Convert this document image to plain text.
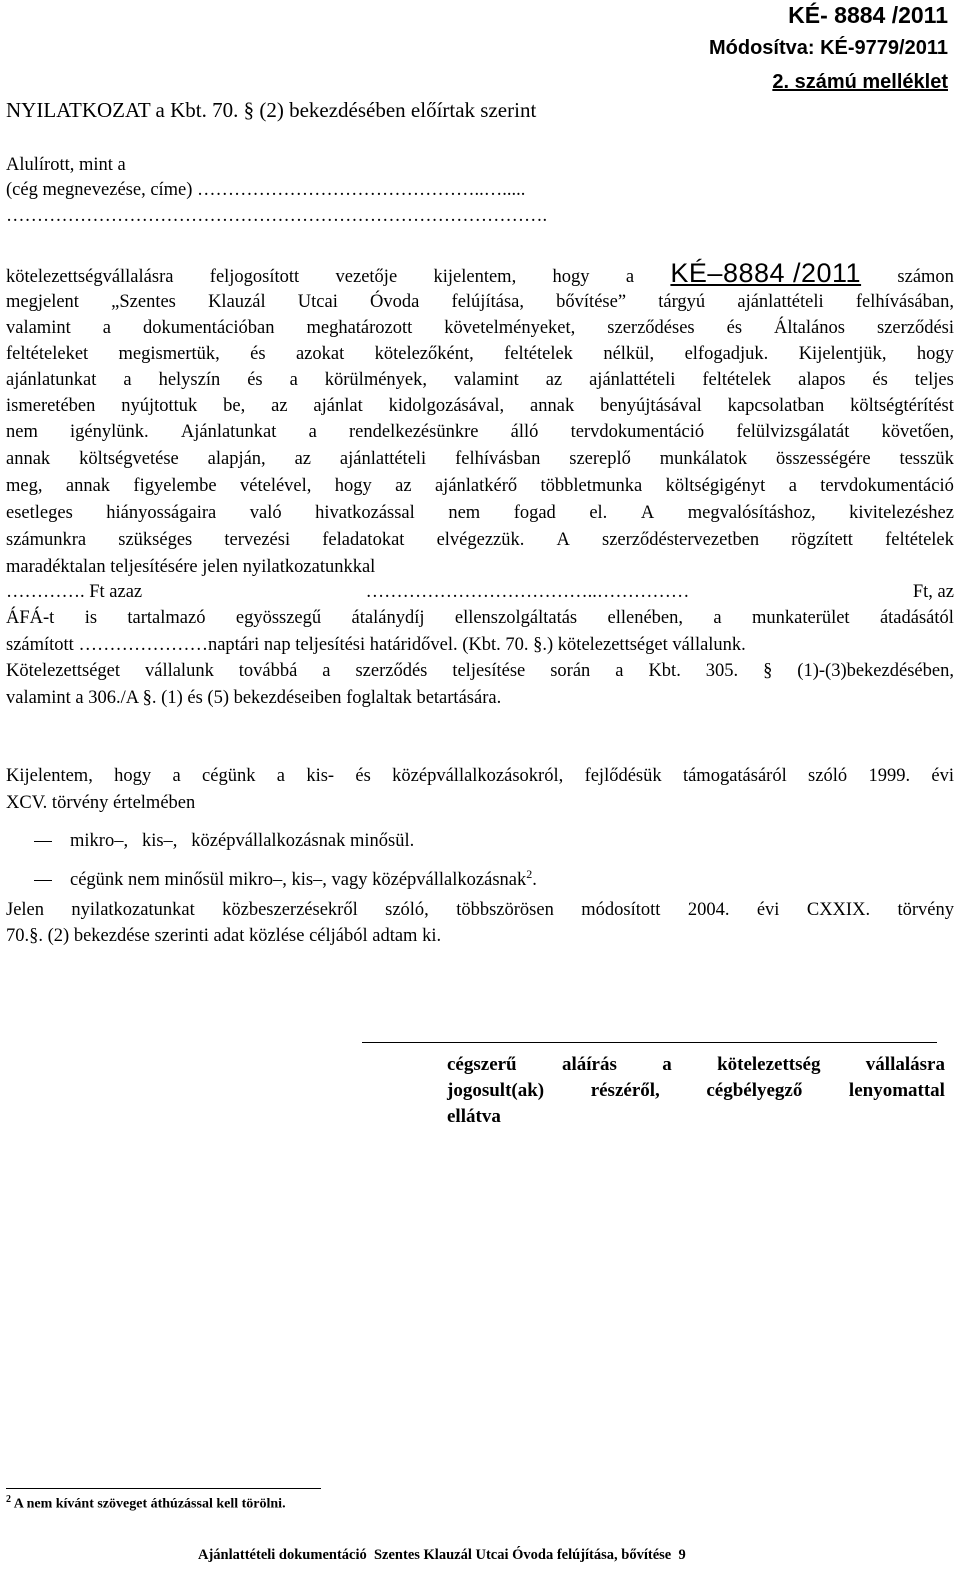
KÉ- 8884 /2011
Módosítva: KÉ-9779/2011
2. számú melléklet
NYILATKOZAT a Kbt. 70. § (2) bekezdésében előírtak szerint
Alulírott, mint a
(cég megnevezése, címe) ………………………………………..….....
…………………………………………………………………………….
kötelezettségvállalásra feljogosított vezetője kijelentem, hogy a KÉ–8884 /2011 számon
megjelent „Szentes Klauzál Utcai Óvoda felújítása, bővítése” tárgyú ajánlattételi felhívásában,
valamint a dokumentációban meghatározott követelményeket, szerződéses és Általános szerződési
feltételeket megismertük, és azokat kötelezőként, feltételek nélkül, elfogadjuk. Kijelentjük, hogy
ajánlatunkat a helyszín és a körülmények, valamint az ajánlattételi feltételek alapos és teljes
ismeretében nyújtottuk be, az ajánlat kidolgozásával, annak benyújtásával kapcsolatban költségtérítést
nem igénylünk. Ajánlatunkat a rendelkezésünkre álló tervdokumentáció felülvizsgálatát követően,
annak költségvetése alapján, az ajánlattételi felhívásban szereplő munkálatok összességére tesszük
meg, annak figyelembe vételével, hogy az ajánlatkérő többletmunka költségigényt a tervdokumentáció
esetleges hiányosságaira való hivatkozással nem fogad el. A megvalósításhoz, kivitelezéshez
számunkra szükséges tervezési feladatokat elvégezzük. A szerződéstervezetben rögzített feltételek
maradéktalan teljesítésére jelen nyilatkozatunkkal
…………. Ft azaz	………………………………..……………	Ft, az
ÁFÁ-t is tartalmazó egyösszegű átalánydíj ellenszolgáltatás ellenében, a munkaterület átadásától
számított …………………naptári nap teljesítési határidővel. (Kbt. 70. §.) kötelezettséget vállalunk.
Kötelezettséget vállalunk továbbá a szerződés teljesítése során a Kbt. 305. § (1)-(3)bekezdésében,
valamint a 306./A §. (1) és (5) bekezdéseiben foglaltak betartására.
Kijelentem, hogy a cégünk a kis- és középvállalkozásokról, fejlődésük támogatásáról szóló 1999. évi
XCV. törvény értelmében
mikro–,   kis–,   középvállalkozásnak minősül.
cégünk nem minősül mikro–, kis–, vagy középvállalkozásnak$^2$.
Jelen nyilatkozatunkat közbeszerzésekről szóló, többszörösen módosított 2004. évi CXXIX. törvény
70.§. (2) bekezdése szerinti adat közlése céljából adtam ki.
cégszerű aláírás a kötelezettség vállalásra
jogosult(ak) részéről, cégbélyegző lenyomattal
ellátva
$^2$ A nem kívánt szöveget áthúzással kell törölni.
Ajánlattételi dokumentáció  Szentes Klauzál Utcai Óvoda felújítása, bővítése  9
